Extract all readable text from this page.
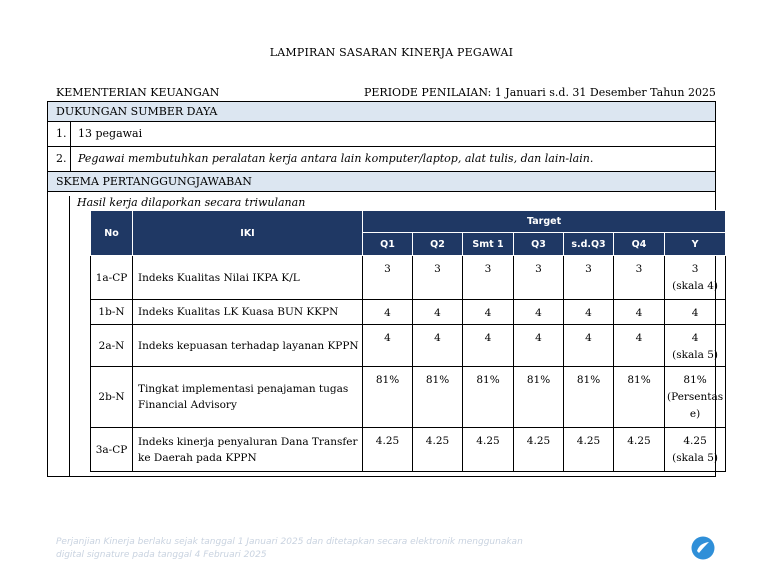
LAMPIRAN SASARAN KINERJA PEGAWAI
KEMENTERIAN KEUANGAN	PERIODE PENILAIAN: 1 Januari s.d. 31 Desember Tahun 2025
DUKUNGAN SUMBER DAYA
1.	13 pegawai
2.	Pegawai membutuhkan peralatan kerja antara lain komputer/laptop, alat tulis, dan lain-lain.
SKEMA PERTANGGUNGJAWABAN
Hasil kerja dilaporkan secara triwulanan
No	IKI	Target						
		Q1	Q2	Smt 1	Q3	s.d.Q3	Q4	Y
1a-CP	Indeks Kualitas Nilai IKPA K/L	3	3	3	3	3	3	3
(skala 4)

1b-N	Indeks Kualitas LK Kuasa BUN KKPN	4	4	4	4	4	4	4

2a-N	Indeks kepuasan terhadap layanan KPPN	4	4	4	4	4	4	4
(skala 5)

2b-N	Tingkat implementasi penajaman tugas Financial Advisory	81%	81%	81%	81%	81%	81%	81%
(Persentas e)

3a-CP	Indeks kinerja penyaluran Dana Transfer ke Daerah pada KPPN	4.25	4.25	4.25	4.25	4.25	4.25	4.25
(skala 5)
Perjanjian Kinerja berlaku sejak tanggal 1 Januari 2025 dan ditetapkan secara elektronik menggunakan
digital signature pada tanggal 4 Februari 2025
